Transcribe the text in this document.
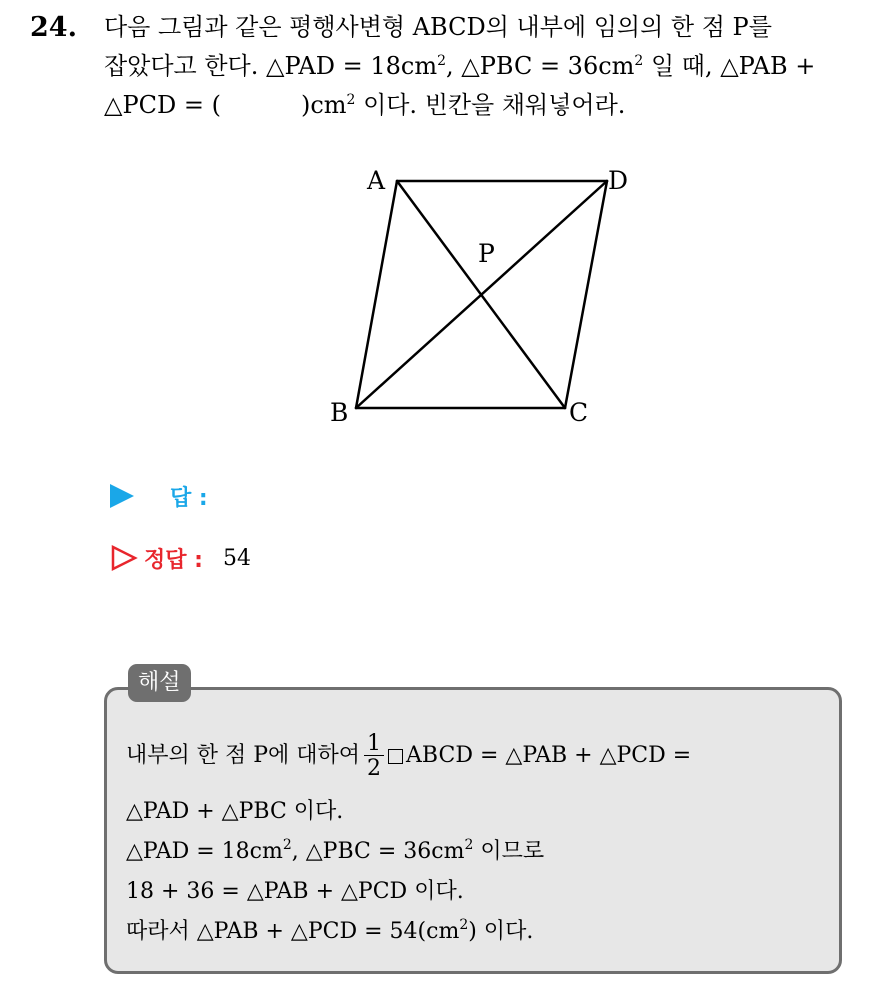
24.	다음 그림과 같은 평행사변형 ABCD의 내부에 임의의 한 점 P를
잡았다고 한다. △PAD = $18cm^2$, △PBC = $36cm^2$ 일 때, △PAB +
△PCD = (	)$cm^2$ 이다. 빈칸을 채워넣어라.
A	D
P
B	C
답 :
정답 : 54
해설
내부의 한 점 P에 대하여 $\frac{1}{2}$ ABCD = △PAB + △PCD =
△PAD + △PBC 이다.
△PAD = $18cm^2$, △PBC = $36cm^2$ 이므로
18 + 36 = △PAB + △PCD 이다.
따라서 △PAB + △PCD = $54(cm^2)$ 이다.
